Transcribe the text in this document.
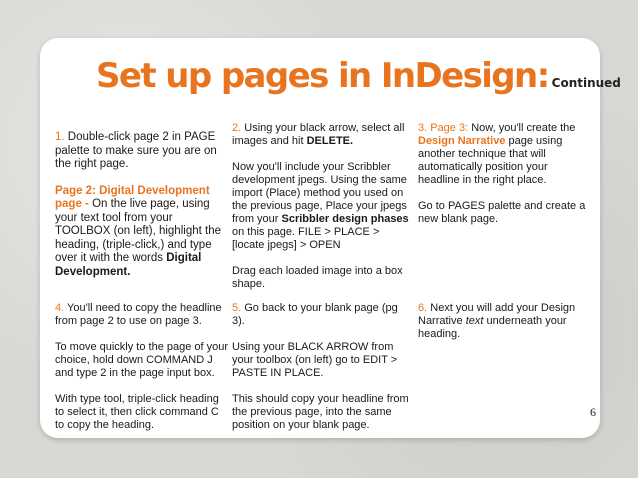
Set up pages in InDesign: Continued

1. Double-click page 2 in PAGE palette to make sure you are on the right page.

Page 2: Digital Development page - On the live page, using your text tool from your TOOLBOX (on left), highlight the heading, (triple-click,) and type over it with the words Digital Development.

2. Using your black arrow, select all images and hit DELETE.

Now you'll include your Scribbler development jpegs. Using the same import (Place) method you used on the previous page, Place your jpegs from your Scribbler design phases on this page. FILE > PLACE > [locate jpegs] > OPEN

Drag each loaded image into a box shape.

3. Page 3: Now, you'll create the Design Narrative page using another technique that will automatically position your headline in the right place.

Go to PAGES palette and create a new blank page.

4. You'll need to copy the headline from page 2 to use on page 3.

To move quickly to the page of your choice, hold down COMMAND J and type 2 in the page input box.

With type tool, triple-click heading to select it, then click command C to copy the heading.

5. Go back to your blank page (pg 3).

Using your BLACK ARROW from your toolbox (on left) go to EDIT > PASTE IN PLACE.

This should copy your headline from the previous page, into the same position on your blank page.

6. Next you will add your Design Narrative text underneath your heading.

6
